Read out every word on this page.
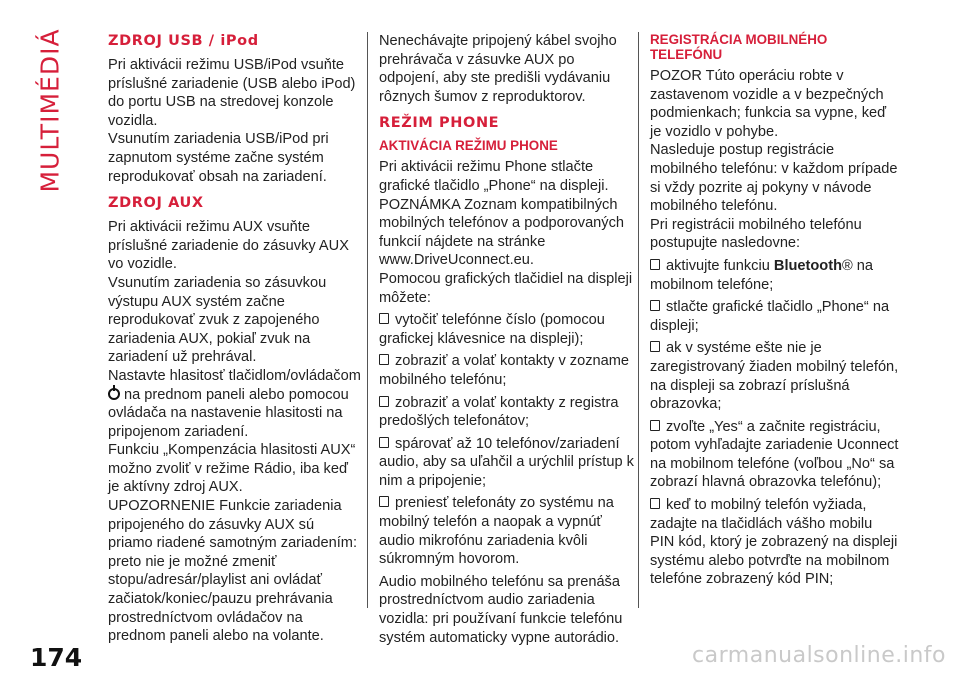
MULTIMÉDIÁ	ZDROJ USB / iPod

Pri aktivácii režimu USB/iPod vsuňte príslušné zariadenie (USB alebo iPod) do portu USB na stredovej konzole vozidla.

Vsunutím zariadenia USB/iPod pri zapnutom systéme začne systém reprodukovať obsah na zariadení.

ZDROJ AUX

Pri aktivácii režimu AUX vsuňte príslušné zariadenie do zásuvky AUX vo vozidle.

Vsunutím zariadenia so zásuvkou výstupu AUX systém začne reprodukovať zvuk z zapojeného zariadenia AUX, pokiaľ zvuk na zariadení už prehrával.

Nastavte hlasitosť tlačidlom/ovládačom
na prednom paneli alebo pomocou ovládača na nastavenie hlasitosti na pripojenom zariadení.

Funkciu „Kompenzácia hlasitosti AUX“ možno zvoliť v režime Rádio, iba keď je aktívny zdroj AUX.

UPOZORNENIE Funkcie zariadenia pripojeného do zásuvky AUX sú priamo riadené samotným zariadením: preto nie je možné zmeniť stopu/adresár/playlist ani ovládať začiatok/koniec/pauzu prehrávania prostredníctvom ovládačov na prednom paneli alebo na volante.

Nenechávajte pripojený kábel svojho prehrávača v zásuvke AUX po odpojení, aby ste predišli vydávaniu rôznych šumov z reproduktorov.

REŽIM PHONE
AKTIVÁCIA REŽIMU PHONE

Pri aktivácii režimu Phone stlačte grafické tlačidlo „Phone“ na displeji.

POZNÁMKA Zoznam kompatibilných mobilných telefónov a podporovaných funkcií nájdete na stránke www.DriveUconnect.eu.

Pomocou grafických tlačidiel na displeji môžete:

vytočiť telefónne číslo (pomocou grafickej klávesnice na displeji);

zobraziť a volať kontakty v zozname mobilného telefónu;

zobraziť a volať kontakty z registra predošlých telefonátov;

spárovať až 10 telefónov/zariadení audio, aby sa uľahčil a urýchlil prístup k nim a pripojenie;

preniesť telefonáty zo systému na mobilný telefón a naopak a vypnúť audio mikrofónu zariadenia kvôli súkromným hovorom.

Audio mobilného telefónu sa prenáša prostredníctvom audio zariadenia vozidla: pri používaní funkcie telefónu systém automaticky vypne autorádio.

REGISTRÁCIA MOBILNÉHO TELEFÓNU

POZOR Túto operáciu robte v zastavenom vozidle a v bezpečných podmienkach; funkcia sa vypne, keď je vozidlo v pohybe.

Nasleduje postup registrácie mobilného telefónu: v každom prípade si vždy pozrite aj pokyny v návode mobilného telefónu.

Pri registrácii mobilného telefónu postupujte nasledovne:

aktivujte funkciu Bluetooth® na mobilnom telefóne;

stlačte grafické tlačidlo „Phone“ na displeji;

ak v systéme ešte nie je zaregistrovaný žiaden mobilný telefón, na displeji sa zobrazí príslušná obrazovka;

zvoľte „Yes“ a začnite registráciu, potom vyhľadajte zariadenie Uconnect na mobilnom telefóne (voľbou „No“ sa zobrazí hlavná obrazovka telefónu);

keď to mobilný telefón vyžiada, zadajte na tlačidlách vášho mobilu PIN kód, ktorý je zobrazený na displeji systému alebo potvrďte na mobilnom telefóne zobrazený kód PIN;

174	carmanualsonline.info
